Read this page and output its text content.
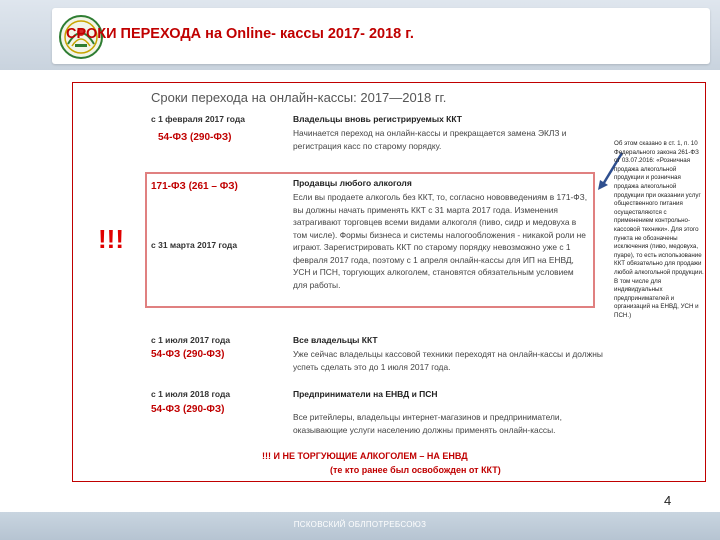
СРОКИ ПЕРЕХОДА на Online- кассы 2017- 2018 г.
Сроки перехода на онлайн-кассы: 2017—2018 гг.
с 1 февраля 2017 года
54-ФЗ (290-ФЗ)
Владельцы вновь регистрируемых ККТ
Начинается переход на онлайн-кассы и прекращается замена ЭКЛЗ и регистрация касс по старому порядку.
171-ФЗ (261 – ФЗ)
с 31 марта 2017 года
Продавцы любого алкоголя
Если вы продаете алкоголь без ККТ, то, согласно нововведениям в 171-ФЗ, вы должны начать применять ККТ с 31 марта 2017 года. Изменения затрагивают торговцев всеми видами алкоголя (пиво, сидр и медовуха в том числе). Формы бизнеса и системы налогообложения - никакой роли не играют. Зарегистрировать ККТ по старому порядку невозможно уже с 1 февраля 2017 года, поэтому с 1 апреля онлайн-кассы для ИП на ЕНВД, УСН и ПСН, торгующих алкоголем, становятся обязательным условием для работы.
!!!
с 1 июля 2017 года
54-ФЗ (290-ФЗ)
Все владельцы ККТ
Уже сейчас владельцы кассовой техники переходят на онлайн-кассы и должны успеть сделать это до 1 июля 2017 года.
с 1 июля 2018 года
54-ФЗ (290-ФЗ)
Предприниматели на ЕНВД и ПСН
Все ритейлеры, владельцы интернет-магазинов и предприниматели, оказывающие услуги населению должны применять онлайн-кассы.
!!! И НЕ ТОРГУЮЩИЕ АЛКОГОЛЕМ – НА ЕНВД
(те кто ранее был освобожден от ККТ)
Об этом сказано в ст. 1, п. 10 Федерального закона 261-ФЗ от 03.07.2016: «Розничная продажа алкогольной продукции и розничная продажа алкогольной продукции при оказании услуг общественного питания осуществляются с применением контрольно-кассовой техники». Для этого пункта не обозначены исключения (пиво, медовуха, пуаре), то есть использование ККТ обязательно для продажи любой алкогольной продукции. В том числе для индивидуальных предпринимателей и организаций на ЕНВД, УСН и ПСН.)
4
ПСКОВСКИЙ ОБЛПОТРЕБСОЮЗ
